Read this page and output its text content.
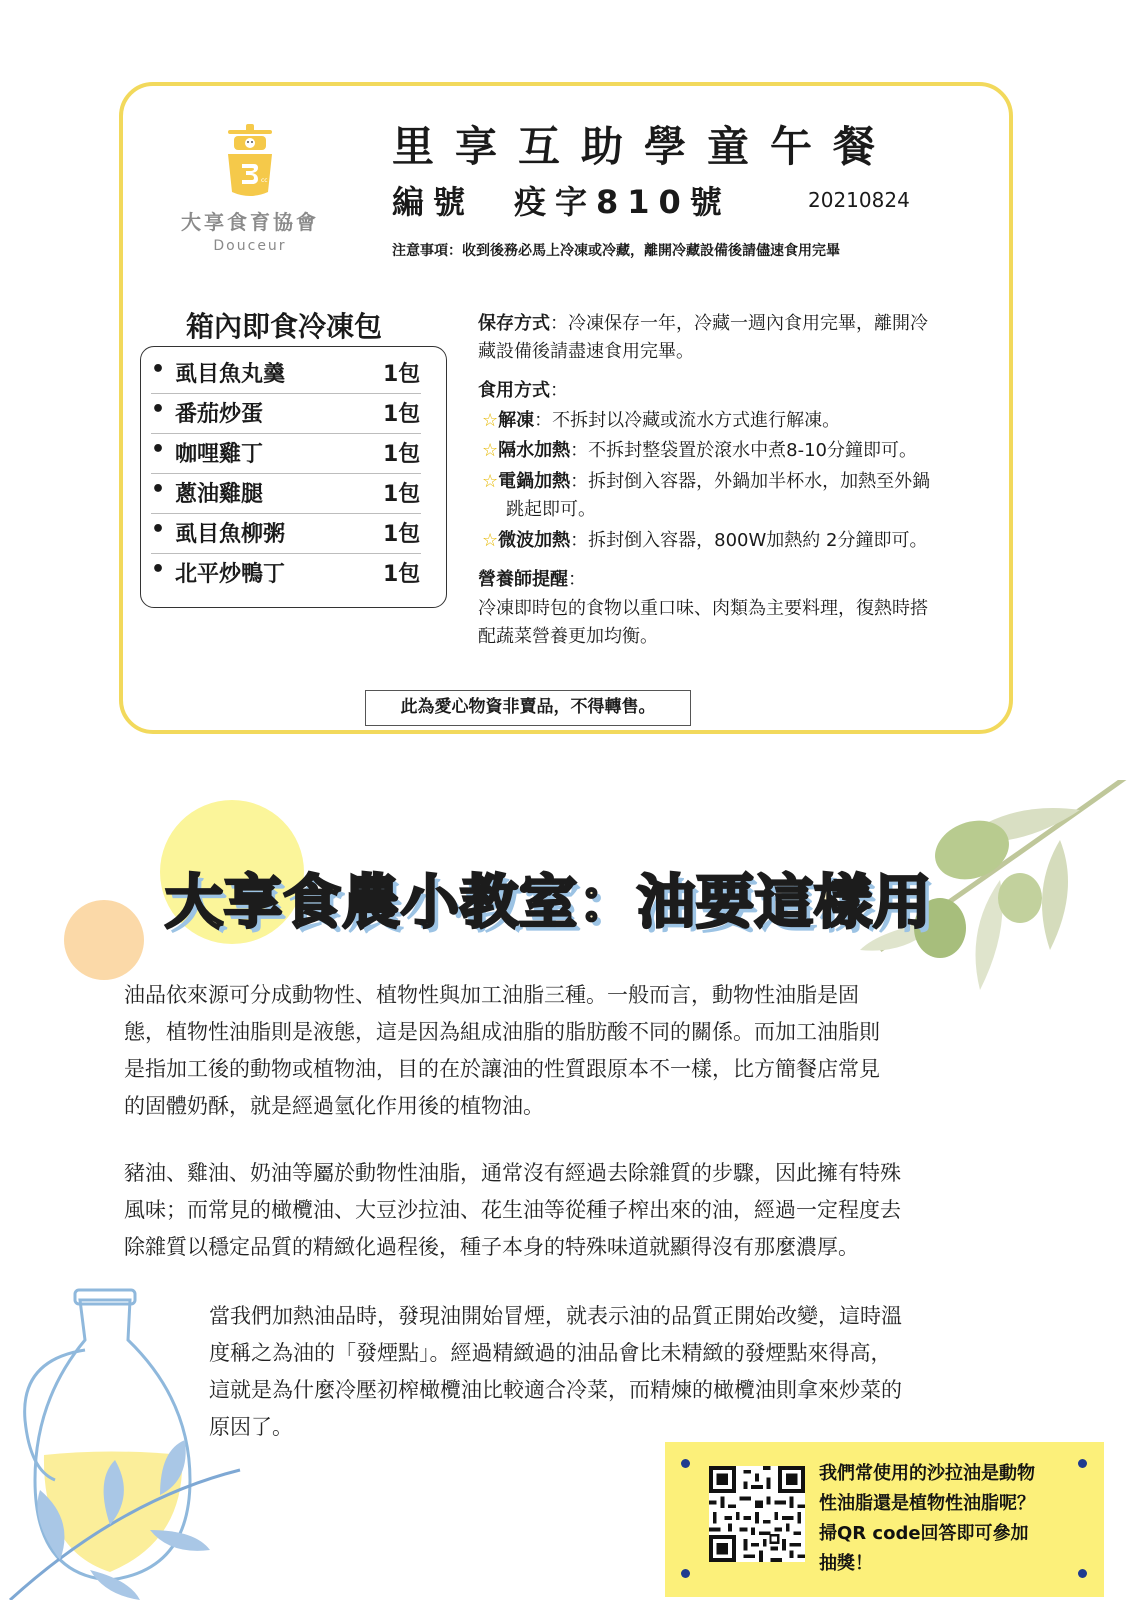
cc
大享食育協會
Douceur
里享互助學童午餐
編號 疫字810號	20210824
注意事項：收到後務必馬上冷凍或冷藏，離開冷藏設備後請儘速食用完畢
箱內即食冷凍包
• 虱目魚丸羹	1包
• 番茄炒蛋	1包
• 咖哩雞丁	1包
• 蔥油雞腿	1包
• 虱目魚柳粥	1包
• 北平炒鴨丁	1包
保存方式：冷凍保存一年，冷藏一週內食用完畢，離開冷
藏設備後請盡速食用完畢。
食用方式：
☆解凍：不拆封以冷藏或流水方式進行解凍。
☆隔水加熱：不拆封整袋置於滾水中煮8-10分鐘即可。
☆電鍋加熱：拆封倒入容器，外鍋加半杯水，加熱至外鍋
跳起即可。
☆微波加熱：拆封倒入容器，800W加熱約 2分鐘即可。
營養師提醒：
冷凍即時包的食物以重口味、肉類為主要料理，復熱時搭
配蔬菜營養更加均衡。
此為愛心物資非賣品，不得轉售。
大享食農小教室：油要這樣用
油品依來源可分成動物性、植物性與加工油脂三種。一般而言，動物性油脂是固
態，植物性油脂則是液態，這是因為組成油脂的脂肪酸不同的關係。而加工油脂則
是指加工後的動物或植物油，目的在於讓油的性質跟原本不一樣，比方簡餐店常見
的固體奶酥，就是經過氫化作用後的植物油。
豬油、雞油、奶油等屬於動物性油脂，通常沒有經過去除雜質的步驟，因此擁有特殊
風味；而常見的橄欖油、大豆沙拉油、花生油等從種子榨出來的油，經過一定程度去
除雜質以穩定品質的精緻化過程後，種子本身的特殊味道就顯得沒有那麼濃厚。
當我們加熱油品時，發現油開始冒煙，就表示油的品質正開始改變，這時溫
度稱之為油的「發煙點」。經過精緻過的油品會比未精緻的發煙點來得高，
這就是為什麼冷壓初榨橄欖油比較適合冷菜，而精煉的橄欖油則拿來炒菜的
原因了。
我們常使用的沙拉油是動物
性油脂還是植物性油脂呢？
掃QR code回答即可參加
抽獎！
